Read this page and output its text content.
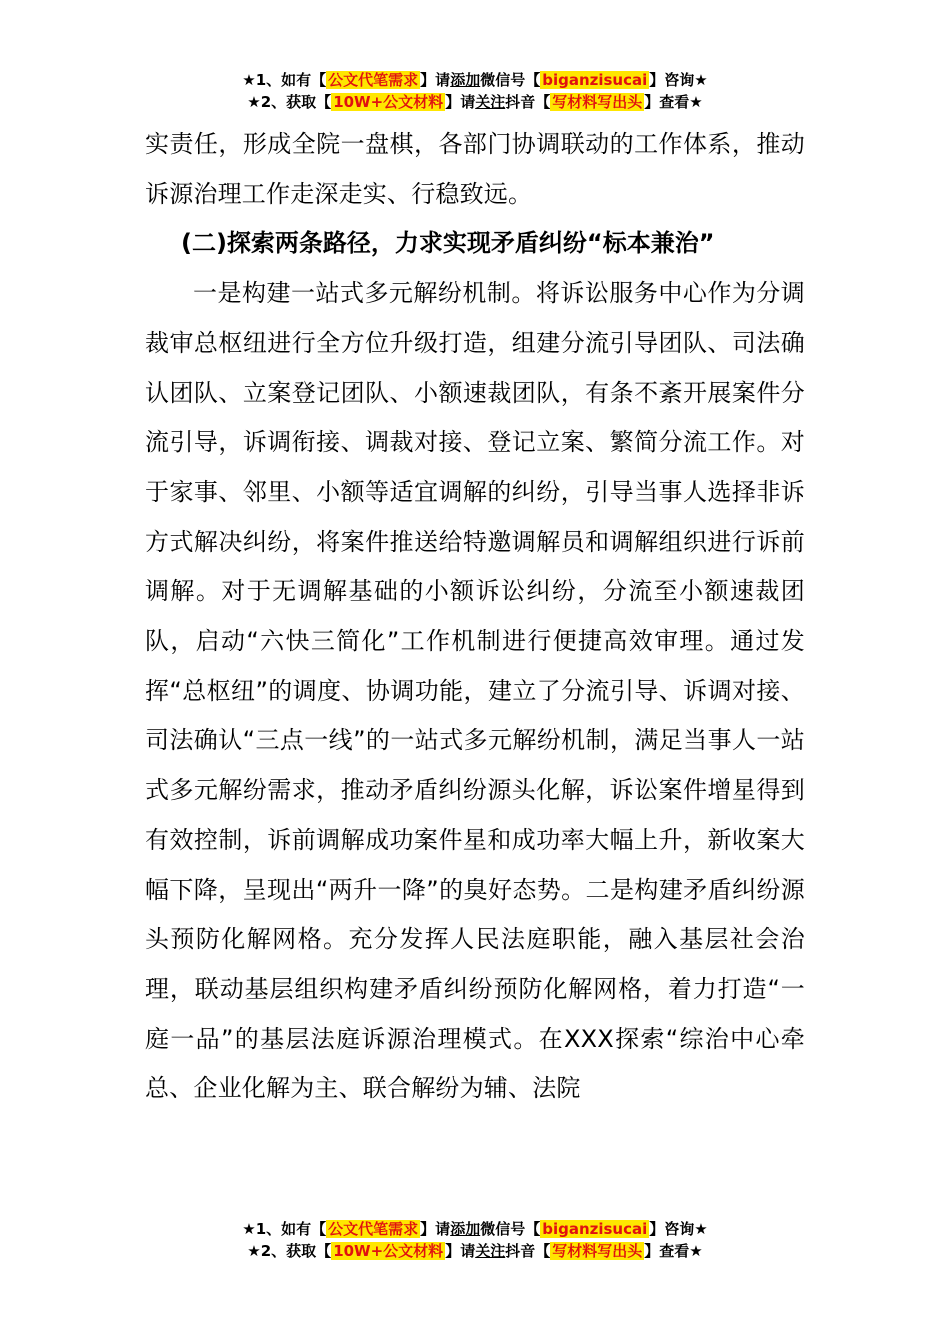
★1、如有【 公文代笔需求 】请添加微信号【 biganzisucai 】咨询★
★2、获取【 10W+公文材料 】请关注抖音【 写材料写出头 】查看★

实责任，形成全院一盘棋，各部门协调联动的工作体系，推动诉源治理工作走深走实、行稳致远。

(二)探索两条路径，力求实现矛盾纠纷“标本兼治”

一是构建一站式多元解纷机制。将诉讼服务中心作为分调裁审总枢纽进行全方位升级打造，组建分流引导团队、司法确认团队、立案登记团队、小额速裁团队，有条不紊开展案件分流引导，诉调衔接、调裁对接、登记立案、繁简分流工作。对于家事、邻里、小额等适宜调解的纠纷，引导当事人选择非诉方式解决纠纷，将案件推送给特邀调解员和调解组织进行诉前调解。对于无调解基础的小额诉讼纠纷，分流至小额速裁团队，启动“六快三简化”工作机制进行便捷高效审理。通过发挥“总枢纽”的调度、协调功能，建立了分流引导、诉调对接、司法确认“三点一线”的一站式多元解纷机制，满足当事人一站式多元解纷需求，推动矛盾纠纷源头化解，诉讼案件增星得到有效控制，诉前调解成功案件星和成功率大幅上升，新收案大幅下降，呈现出“两升一降”的臭好态势。二是构建矛盾纠纷源头预防化解网格。充分发挥人民法庭职能，融入基层社会治理，联动基层组织构建矛盾纠纷预防化解网格，着力打造“一庭一品”的基层法庭诉源治理模式。在XXX探索“综治中心牵总、企业化解为主、联合解纷为辅、法院

★1、如有【 公文代笔需求 】请添加微信号【 biganzisucai 】咨询★
★2、获取【 10W+公文材料 】请关注抖音【 写材料写出头 】查看★
